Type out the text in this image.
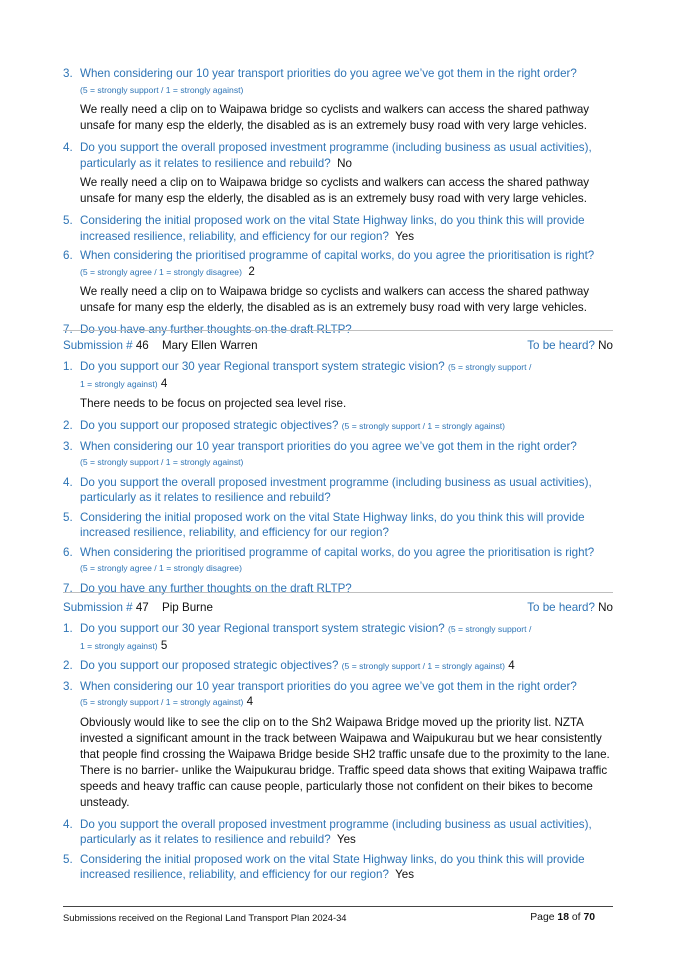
3. When considering our 10 year transport priorities do you agree we’ve got them in the right order?
(5 = strongly support / 1 = strongly against)
We really need a clip on to Waipawa bridge so cyclists and walkers can access the shared pathway unsafe for many esp the elderly, the disabled as is an extremely busy road with very large vehicles.
4. Do you support the overall proposed investment programme (including business as usual activities), particularly as it relates to resilience and rebuild? No
We really need a clip on to Waipawa bridge so cyclists and walkers can access the shared pathway unsafe for many esp the elderly, the disabled as is an extremely busy road with very large vehicles.
5. Considering the initial proposed work on the vital State Highway links, do you think this will provide increased resilience, reliability, and efficiency for our region? Yes
6. When considering the prioritised programme of capital works, do you agree the prioritisation is right?
(5 = strongly agree / 1 = strongly disagree) 2
We really need a clip on to Waipawa bridge so cyclists and walkers can access the shared pathway unsafe for many esp the elderly, the disabled as is an extremely busy road with very large vehicles.
7. Do you have any further thoughts on the draft RLTP?
Submission # 46 Mary Ellen Warren	To be heard? No
1. Do you support our 30 year Regional transport system strategic vision? (5 = strongly support /
1 = strongly against) 4
There needs to be focus on projected sea level rise.
2. Do you support our proposed strategic objectives? (5 = strongly support / 1 = strongly against)
3. When considering our 10 year transport priorities do you agree we’ve got them in the right order?
(5 = strongly support / 1 = strongly against)
4. Do you support the overall proposed investment programme (including business as usual activities), particularly as it relates to resilience and rebuild?
5. Considering the initial proposed work on the vital State Highway links, do you think this will provide increased resilience, reliability, and efficiency for our region?
6. When considering the prioritised programme of capital works, do you agree the prioritisation is right?
(5 = strongly agree / 1 = strongly disagree)
7. Do you have any further thoughts on the draft RLTP?
Submission # 47 Pip Burne	To be heard? No
1. Do you support our 30 year Regional transport system strategic vision? (5 = strongly support /
1 = strongly against) 5
2. Do you support our proposed strategic objectives? (5 = strongly support / 1 = strongly against) 4
3. When considering our 10 year transport priorities do you agree we’ve got them in the right order?
(5 = strongly support / 1 = strongly against) 4
Obviously would like to see the clip on to the Sh2 Waipawa Bridge moved up the priority list. NZTA invested a significant amount in the track between Waipawa and Waipukurau but we hear consistently that people find crossing the Waipawa Bridge beside SH2 traffic unsafe due to the proximity to the lane. There is no barrier- unlike the Waipukurau bridge. Traffic speed data shows that exiting Waipawa traffic speeds and heavy traffic can cause people, particularly those not confident on their bikes to become unsteady.
4. Do you support the overall proposed investment programme (including business as usual activities), particularly as it relates to resilience and rebuild? Yes
5. Considering the initial proposed work on the vital State Highway links, do you think this will provide increased resilience, reliability, and efficiency for our region? Yes
Submissions received on the Regional Land Transport Plan 2024-34	Page 18 of 70
